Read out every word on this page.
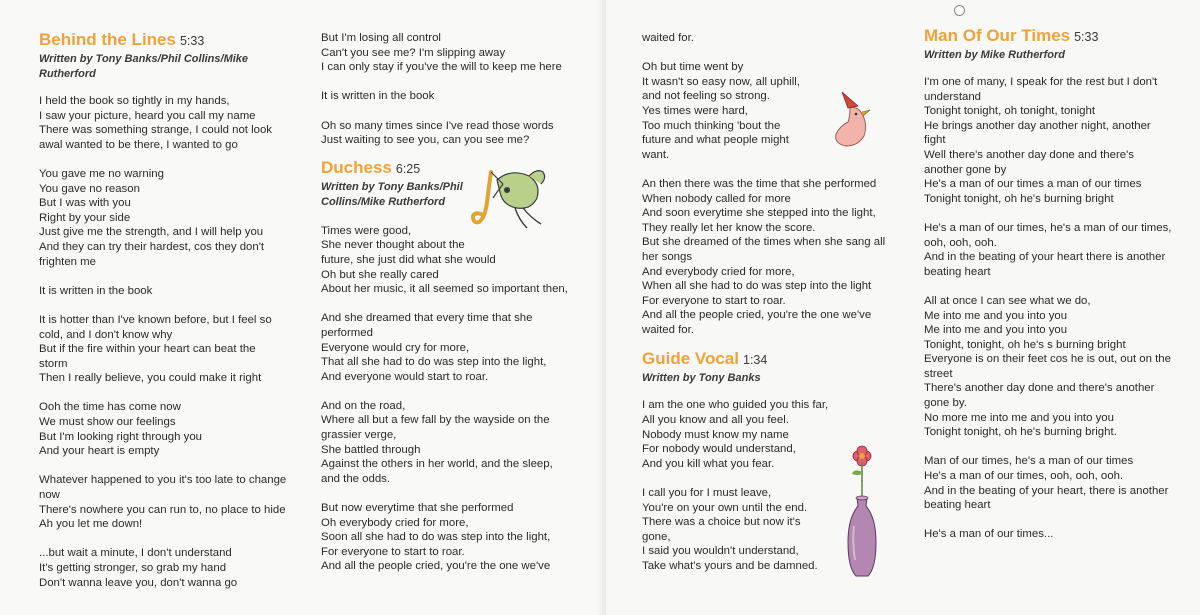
Behind the Lines 5:33
Written by Tony Banks/Phil Collins/Mike Rutherford
I held the book so tightly in my hands,
I saw your picture, heard you call my name
There was something strange, I could not look
awal wanted to be there, I wanted to go
You gave me no warning
You gave no reason
But I was with you
Right by your side
Just give me the strength, and I will help you
And they can try their hardest, cos they don't
frighten me
It is written in the book
It is hotter than I've known before, but I feel so
cold, and I don't know why
But if the fire within your heart can beat the
storm
Then I really believe, you could make it right
Ooh the time has come now
We must show our feelings
But I'm looking right through you
And your heart is empty
Whatever happened to you it's too late to change
now
There's nowhere you can run to, no place to hide
Ah you let me down!
...but wait a minute, I don't understand
It's getting stronger, so grab my hand
Don't wanna leave you, don't wanna go
But I'm losing all control
Can't you see me? I'm slipping away
I can only stay if you've the will to keep me here
It is written in the book
Oh so many times since I've read those words
Just waiting to see you, can you see me?
Duchess 6:25
Written by Tony Banks/Phil
Collins/Mike Rutherford
Times were good,
She never thought about the
future, she just did what she would
Oh but she really cared
About her music, it all seemed so important then,
And she dreamed that every time that she
performed
Everyone would cry for more,
That all she had to do was step into the light,
And everyone would start to roar.
And on the road,
Where all but a few fall by the wayside on the
grassier verge,
She battled through
Against the others in her world, and the sleep,
and the odds.
But now everytime that she performed
Oh everybody cried for more,
Soon all she had to do was step into the light,
For everyone to start to roar.
And all the people cried, you're the one we've
waited for.
Oh but time went by
It wasn't so easy now, all uphill,
and not feeling so strong.
Yes times were hard,
Too much thinking 'bout the
future and what people might
want.
An then there was the time that she performed
When nobody called for more
And soon everytime she stepped into the light,
They really let her know the score.
But she dreamed of the times when she sang all
her songs
And everybody cried for more,
When all she had to do was step into the light
For everyone to start to roar.
And all the people cried, you're the one we've
waited for.
Guide Vocal 1:34
Written by Tony Banks
I am the one who guided you this far,
All you know and all you feel.
Nobody must know my name
For nobody would understand,
And you kill what you fear.
I call you for I must leave,
You're on your own until the end.
There was a choice but now it's
gone,
I said you wouldn't understand,
Take what's yours and be damned.
Man Of Our Times 5:33
Written by Mike Rutherford
I'm one of many, I speak for the rest but I don't
understand
Tonight tonight, oh tonight, tonight
He brings another day another night, another
fight
Well there's another day done and there's
another gone by
He's a man of our times a man of our times
Tonight tonight, oh he's burning bright
He's a man of our times, he's a man of our times,
ooh, ooh, ooh.
And in the beating of your heart there is another
beating heart
All at once I can see what we do,
Me into me and you into you
Me into me and you into you
Tonight, tonight, oh he's s burning bright
Everyone is on their feet cos he is out, out on the
street
There's another day done and there's another
gone by.
No more me into me and you into you
Tonight tonight, oh he's burning bright.
Man of our times, he's a man of our times
He's a man of our times, ooh, ooh, ooh.
And in the beating of your heart, there is another
beating heart
He's a man of our times...
